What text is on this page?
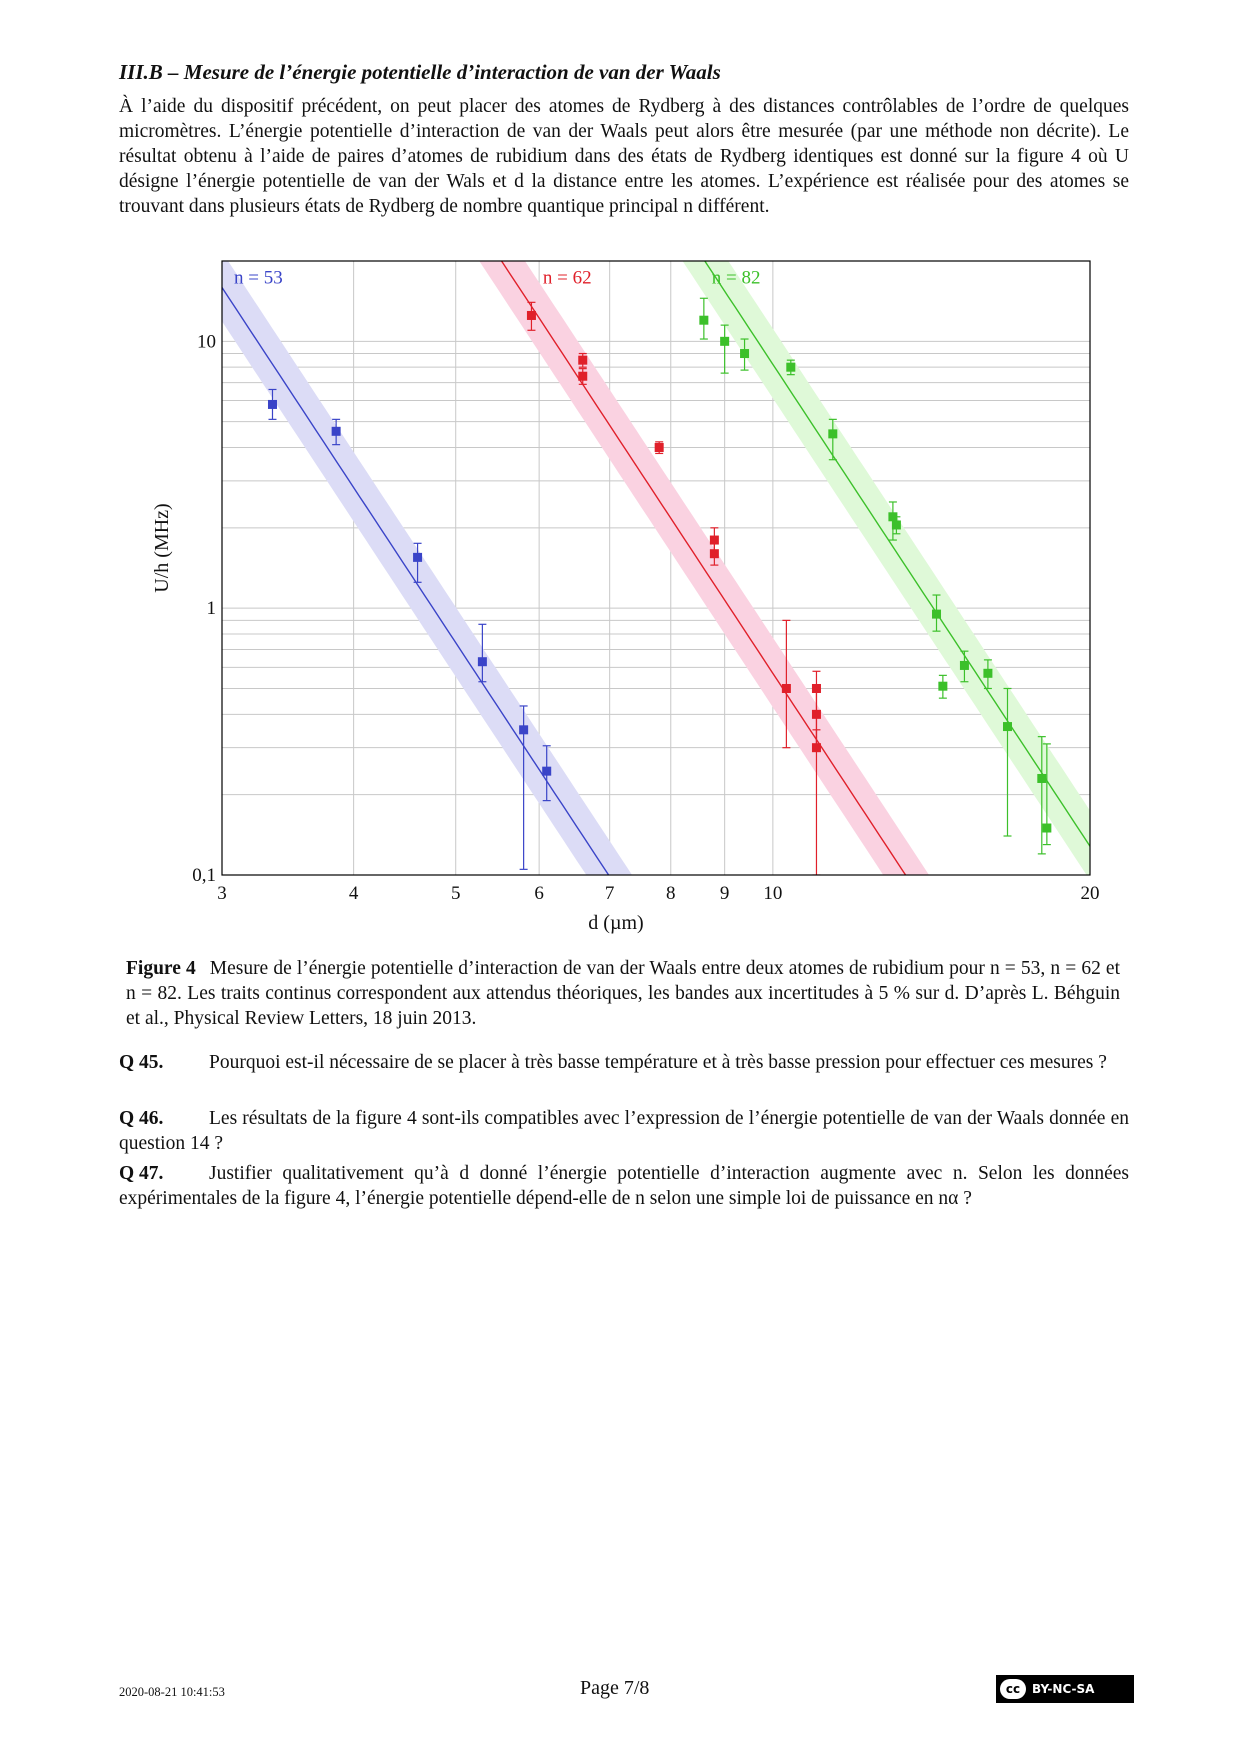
III.B – Mesure de l’énergie potentielle d’interaction de van der Waals
À l’aide du dispositif précédent, on peut placer des atomes de Rydberg à des distances contrôlables de l’ordre de quelques micromètres. L’énergie potentielle d’interaction de van der Waals peut alors être mesurée (par une méthode non décrite). Le résultat obtenu à l’aide de paires d’atomes de rubidium dans des états de Rydberg identiques est donné sur la figure 4 où U désigne l’énergie potentielle de van der Wals et d la distance entre les atomes. L’expérience est réalisée pour des atomes se trouvant dans plusieurs états de Rydberg de nombre quantique principal n différent.
n = 53	n = 62	n = 82
3	4	5	6	7	8 9 10	20
0,1
1
10
d (µm)
U/h (MHz)
Figure 4 Mesure de l’énergie potentielle d’interaction de van der Waals entre deux atomes de rubidium pour n = 53, n = 62 et n = 82. Les traits continus correspondent aux attendus théoriques, les bandes aux incertitudes à 5 % sur d. D’après L. Béhguin et al., Physical Review Letters, 18 juin 2013.
Q 45. Pourquoi est-il nécessaire de se placer à très basse température et à très basse pression pour effectuer ces mesures ?
Q 46. Les résultats de la figure 4 sont-ils compatibles avec l’expression de l’énergie potentielle de van der Waals donnée en question 14 ?
Q 47. Justifier qualitativement qu’à d donné l’énergie potentielle d’interaction augmente avec n. Selon les données expérimentales de la figure 4, l’énergie potentielle dépend-elle de n selon une simple loi de puissance en nα ?
2020-08-21 10:41:53	Page 7/8	cc BY-NC-SA
